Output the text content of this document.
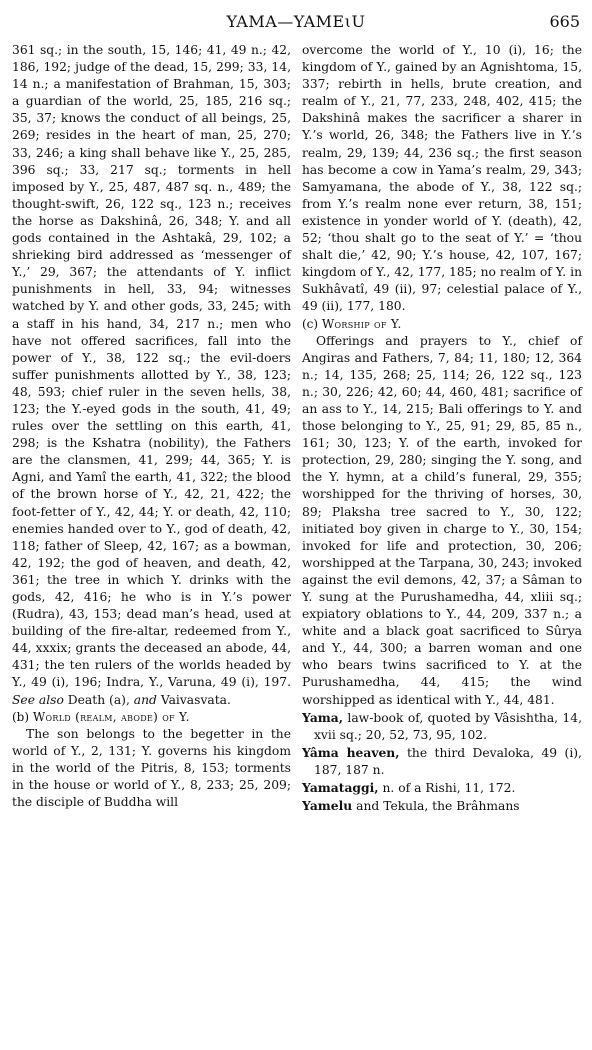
YAMA—YAMEɩU	665

361 sq.; in the south, 15, 146; 41, 49 n.; 42, 186, 192; judge of the dead, 15, 299; 33, 14, 14 n.; a manifestation of Brahman, 15, 303; a guardian of the world, 25, 185, 216 sq.; 35, 37; knows the conduct of all beings, 25, 269; resides in the heart of man, 25, 270; 33, 246; a king shall behave like Y., 25, 285, 396 sq.; 33, 217 sq.; torments in hell imposed by Y., 25, 487, 487 sq. n., 489; the thought-swift, 26, 122 sq., 123 n.; receives the horse as Dakshinâ, 26, 348; Y. and all gods contained in the Ashtakâ, 29, 102; a shrieking bird addressed as ‘messenger of Y.,’ 29, 367; the attendants of Y. inflict punishments in hell, 33, 94; witnesses watched by Y. and other gods, 33, 245; with a staff in his hand, 34, 217 n.; men who have not offered sacrifices, fall into the power of Y., 38, 122 sq.; the evil-doers suffer punishments allotted by Y., 38, 123; 48, 593; chief ruler in the seven hells, 38, 123; the Y.-eyed gods in the south, 41, 49; rules over the settling on this earth, 41, 298; is the Kshatra (nobility), the Fathers are the clansmen, 41, 299; 44, 365; Y. is Agni, and Yamî the earth, 41, 322; the blood of the brown horse of Y., 42, 21, 422; the foot-fetter of Y., 42, 44; Y. or death, 42, 110; enemies handed over to Y., god of death, 42, 118; father of Sleep, 42, 167; as a bowman, 42, 192; the god of heaven, and death, 42, 361; the tree in which Y. drinks with the gods, 42, 416; he who is in Y.’s power (Rudra), 43, 153; dead man’s head, used at building of the fire-altar, redeemed from Y., 44, xxxix; grants the deceased an abode, 44, 431; the ten rulers of the worlds headed by Y., 49 (i), 196; Indra, Y., Varuna, 49 (i), 197. See also Death (a), and Vaivasvata.

(b) World (realm, abode) of Y.

The son belongs to the begetter in the world of Y., 2, 131; Y. governs his kingdom in the world of the Pitris, 8, 153; torments in the house or world of Y., 8, 233; 25, 209; the disciple of Buddha will

overcome the world of Y., 10 (i), 16; the kingdom of Y., gained by an Agnishtoma, 15, 337; rebirth in hells, brute creation, and realm of Y., 21, 77, 233, 248, 402, 415; the Dakshinâ makes the sacrificer a sharer in Y.’s world, 26, 348; the Fathers live in Y.’s realm, 29, 139; 44, 236 sq.; the first season has become a cow in Yama’s realm, 29, 343; Samyamana, the abode of Y., 38, 122 sq.; from Y.’s realm none ever return, 38, 151; existence in yonder world of Y. (death), 42, 52; ‘thou shalt go to the seat of Y.’ = ‘thou shalt die,’ 42, 90; Y.’s house, 42, 107, 167; kingdom of Y., 42, 177, 185; no realm of Y. in Sukhâvatî, 49 (ii), 97; celestial palace of Y., 49 (ii), 177, 180.

(c) Worship of Y.

Offerings and prayers to Y., chief of Angiras and Fathers, 7, 84; 11, 180; 12, 364 n.; 14, 135, 268; 25, 114; 26, 122 sq., 123 n.; 30, 226; 42, 60; 44, 460, 481; sacrifice of an ass to Y., 14, 215; Bali offerings to Y. and those belonging to Y., 25, 91; 29, 85, 85 n., 161; 30, 123; Y. of the earth, invoked for protection, 29, 280; singing the Y. song, and the Y. hymn, at a child’s funeral, 29, 355; worshipped for the thriving of horses, 30, 89; Plaksha tree sacred to Y., 30, 122; initiated boy given in charge to Y., 30, 154; invoked for life and protection, 30, 206; worshipped at the Tarpana, 30, 243; invoked against the evil demons, 42, 37; a Sâman to Y. sung at the Purushamedha, 44, xliii sq.; expiatory oblations to Y., 44, 209, 337 n.; a white and a black goat sacrificed to Sûrya and Y., 44, 300; a barren woman and one who bears twins sacrificed to Y. at the Purushamedha, 44, 415; the wind worshipped as identical with Y., 44, 481.

Yama, law-book of, quoted by Vâsishtha, 14, xvii sq.; 20, 52, 73, 95, 102.

Yâma heaven, the third Devaloka, 49 (i), 187, 187 n.

Yamataggi, n. of a Rishi, 11, 172.

Yamelu and Tekula, the Brâhmans
